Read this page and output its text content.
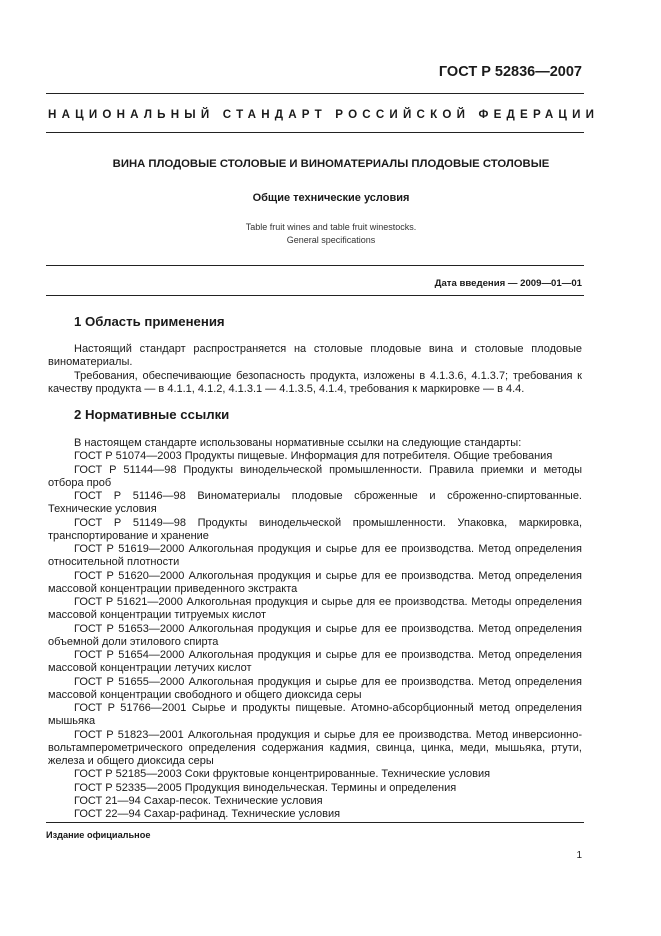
ГОСТ Р 52836—2007
НАЦИОНАЛЬНЫЙ СТАНДАРТ РОССИЙСКОЙ ФЕДЕРАЦИИ
ВИНА ПЛОДОВЫЕ СТОЛОВЫЕ И ВИНОМАТЕРИАЛЫ ПЛОДОВЫЕ СТОЛОВЫЕ
Общие технические условия
Table fruit wines and table fruit winestocks.
General specifications
Дата введения — 2009—01—01
1 Область применения

Настоящий стандарт распространяется на столовые плодовые вина и столовые плодовые виноматериалы.

Требования, обеспечивающие безопасность продукта, изложены в 4.1.3.6, 4.1.3.7; требования к качеству продукта — в 4.1.1, 4.1.2, 4.1.3.1 — 4.1.3.5, 4.1.4, требования к маркировке — в 4.4.

2 Нормативные ссылки

В настоящем стандарте использованы нормативные ссылки на следующие стандарты:

ГОСТ Р 51074—2003 Продукты пищевые. Информация для потребителя. Общие требования

ГОСТ Р 51144—98 Продукты винодельческой промышленности. Правила приемки и методы отбора проб

ГОСТ Р 51146—98 Виноматериалы плодовые сброженные и сброженно-спиртованные. Технические условия

ГОСТ Р 51149—98 Продукты винодельческой промышленности. Упаковка, маркировка, транспортирование и хранение

ГОСТ Р 51619—2000 Алкогольная продукция и сырье для ее производства. Метод определения относительной плотности

ГОСТ Р 51620—2000 Алкогольная продукция и сырье для ее производства. Метод определения массовой концентрации приведенного экстракта

ГОСТ Р 51621—2000 Алкогольная продукция и сырье для ее производства. Методы определения массовой концентрации титруемых кислот

ГОСТ Р 51653—2000 Алкогольная продукция и сырье для ее производства. Метод определения объемной доли этилового спирта

ГОСТ Р 51654—2000 Алкогольная продукция и сырье для ее производства. Метод определения массовой концентрации летучих кислот

ГОСТ Р 51655—2000 Алкогольная продукция и сырье для ее производства. Метод определения массовой концентрации свободного и общего диоксида серы

ГОСТ Р 51766—2001 Сырье и продукты пищевые. Атомно-абсорбционный метод определения мышьяка

ГОСТ Р 51823—2001 Алкогольная продукция и сырье для ее производства. Метод инверсионно-вольтамперометрического определения содержания кадмия, свинца, цинка, меди, мышьяка, ртути, железа и общего диоксида серы

ГОСТ Р 52185—2003 Соки фруктовые концентрированные. Технические условия

ГОСТ Р 52335—2005 Продукция винодельческая. Термины и определения

ГОСТ 21—94 Сахар-песок. Технические условия

ГОСТ 22—94 Сахар-рафинад. Технические условия

Издание официальное
1
